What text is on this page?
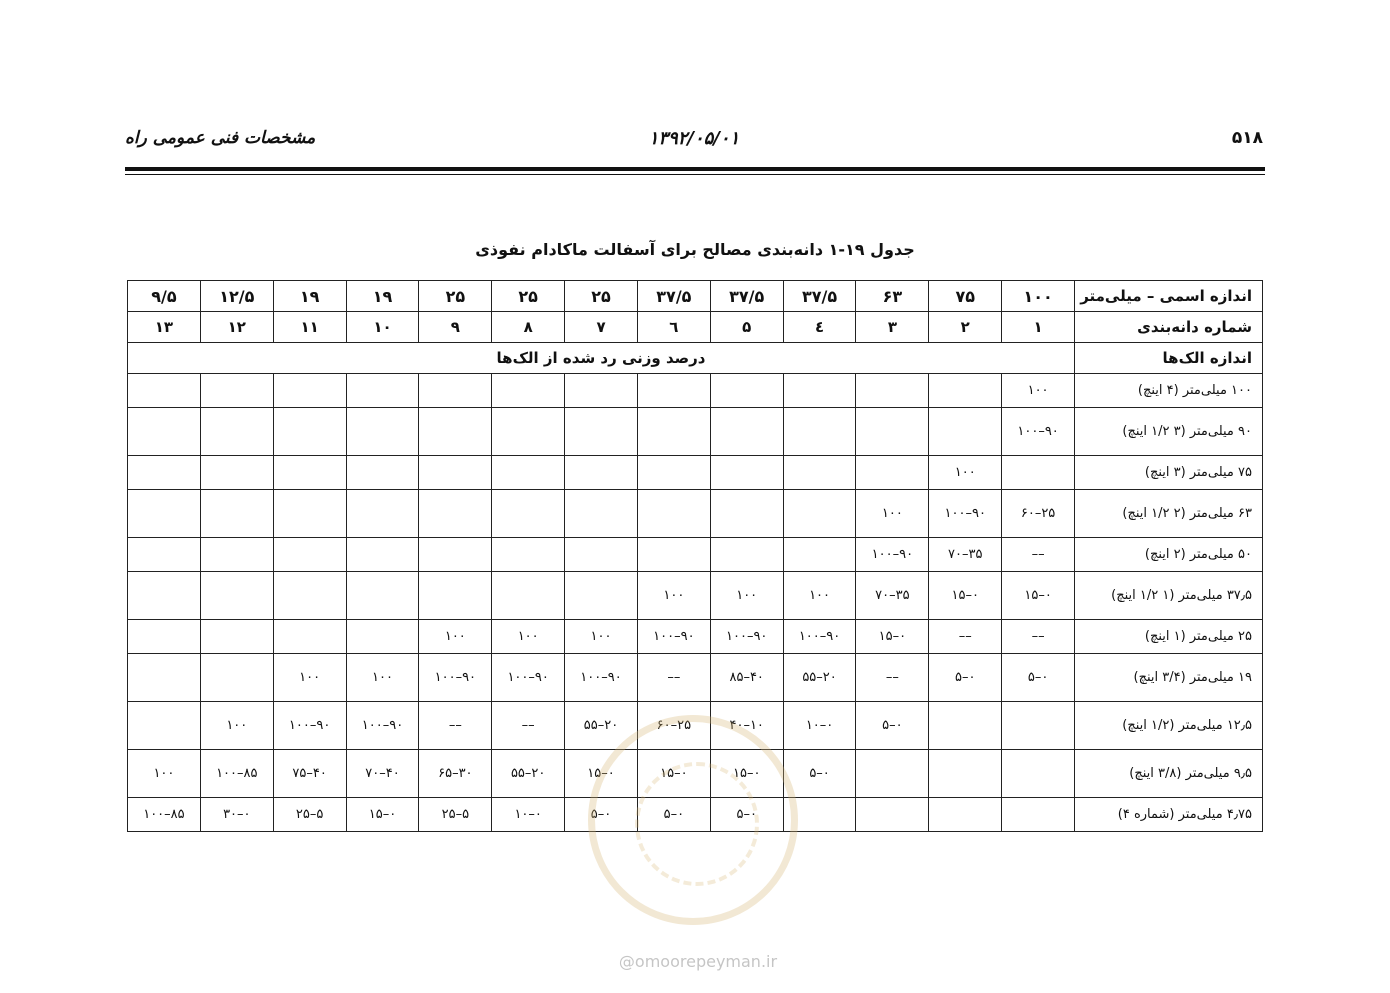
۵۱۸
۱۳۹۲/۰۵/۰۱
مشخصات فنی عمومی راه
جدول ۱۹-۱ دانه‌بندی مصالح برای آسفالت ماکادام نفوذی
اندازه اسمی – میلی‌متر	۱۰۰	۷۵	۶۳	۳۷/۵	۳۷/۵	۳۷/۵	۲۵	۲۵	۲۵	۱۹	۱۹	۱۲/۵	۹/۵
شماره دانه‌بندی	۱	۲	۳	٤	۵	٦	۷	۸	۹	۱۰	۱۱	۱۲	۱۳
اندازه الک‌ها	درصد وزنی رد شده از الک‌ها												
۱۰۰ میلی‌متر (۴ اینچ)	۱۰۰												
۹۰ میلی‌متر (۳ ۱/۲ اینچ)	۹۰–۱۰۰												
۷۵ میلی‌متر (۳ اینچ)		۱۰۰											
۶۳ میلی‌متر (۲ ۱/۲ اینچ)	۲۵–۶۰	۹۰–۱۰۰	۱۰۰										
۵۰ میلی‌متر (۲ اینچ)	––	۳۵–۷۰	۹۰–۱۰۰										
۳۷٫۵ میلی‌متر (۱ ۱/۲ اینچ)	۰–۱۵	۰–۱۵	۳۵–۷۰	۱۰۰	۱۰۰	۱۰۰							
۲۵ میلی‌متر (۱ اینچ)	––	––	۰–۱۵	۹۰–۱۰۰	۹۰–۱۰۰	۹۰–۱۰۰	۱۰۰	۱۰۰	۱۰۰				
۱۹ میلی‌متر (۳/۴ اینچ)	۰–۵	۰–۵	––	۲۰–۵۵	۴۰–۸۵	––	۹۰–۱۰۰	۹۰–۱۰۰	۹۰–۱۰۰	۱۰۰	۱۰۰		
۱۲٫۵ میلی‌متر (۱/۲ اینچ)			۰–۵	۰–۱۰	۱۰–۴۰	۲۵–۶۰	۲۰–۵۵	––	––	۹۰–۱۰۰	۹۰–۱۰۰	۱۰۰	
۹٫۵ میلی‌متر (۳/۸ اینچ)				۰–۵	۰–۱۵	۰–۱۵	۰–۱۵	۲۰–۵۵	۳۰–۶۵	۴۰–۷۰	۴۰–۷۵	۸۵–۱۰۰	۱۰۰
۴٫۷۵ میلی‌متر (شماره ۴)					۰–۵	۰–۵	۰–۵	۰–۱۰	۵–۲۵	۰–۱۵	۵–۲۵	۰–۳۰	۸۵–۱۰۰
@omoorepeyman.ir
